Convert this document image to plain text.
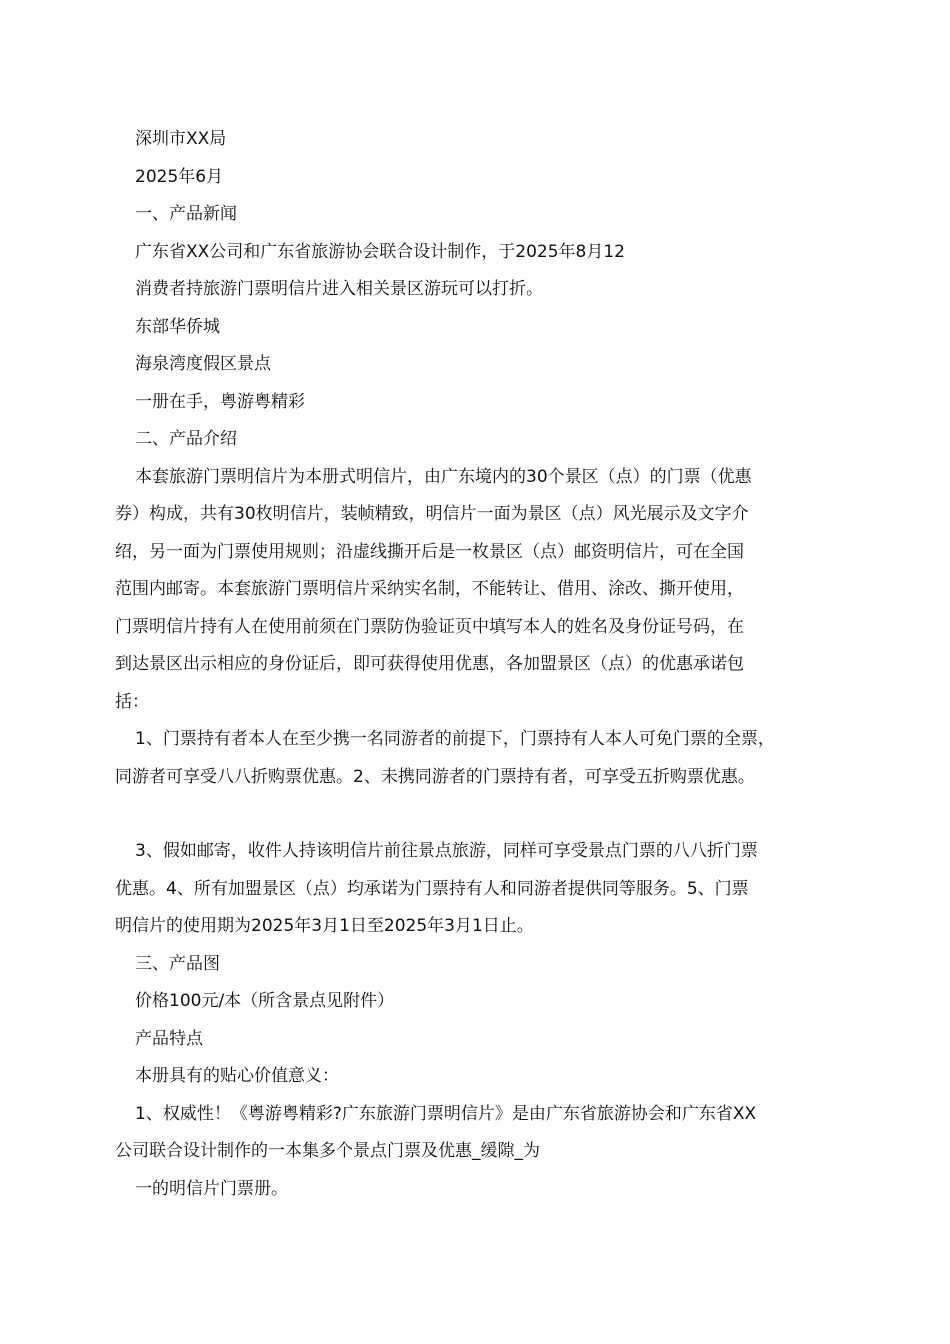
深圳市XX局

2025年6月

一、产品新闻

广东省XX公司和广东省旅游协会联合设计制作，于2025年8月12

消费者持旅游门票明信片进入相关景区游玩可以打折。

东部华侨城

海泉湾度假区景点

一册在手，粤游粤精彩

二、产品介绍

本套旅游门票明信片为本册式明信片，由广东境内的30个景区（点）的门票（优惠
券）构成，共有30枚明信片，装帧精致，明信片一面为景区（点）风光展示及文字介
绍，另一面为门票使用规则；沿虚线撕开后是一枚景区（点）邮资明信片，可在全国
范围内邮寄。本套旅游门票明信片采纳实名制，不能转让、借用、涂改、撕开使用，
门票明信片持有人在使用前须在门票防伪验证页中填写本人的姓名及身份证号码，在
到达景区出示相应的身份证后，即可获得使用优惠，各加盟景区（点）的优惠承诺包
括：
1、门票持有者本人在至少携一名同游者的前提下，门票持有人本人可免门票的全票，
同游者可享受八八折购票优惠。2、未携同游者的门票持有者，可享受五折购票优惠。
3、假如邮寄，收件人持该明信片前往景点旅游，同样可享受景点门票的八八折门票
优惠。4、所有加盟景区（点）均承诺为门票持有人和同游者提供同等服务。5、门票
明信片的使用期为2025年3月1日至2025年3月1日止。

三、产品图

价格100元/本（所含景点见附件）

产品特点

本册具有的贴心价值意义：

1、权威性！《粤游粤精彩?广东旅游门票明信片》是由广东省旅游协会和广东省XX
公司联合设计制作的一本集多个景点门票及优惠_缓隙_为
一的明信片门票册。
